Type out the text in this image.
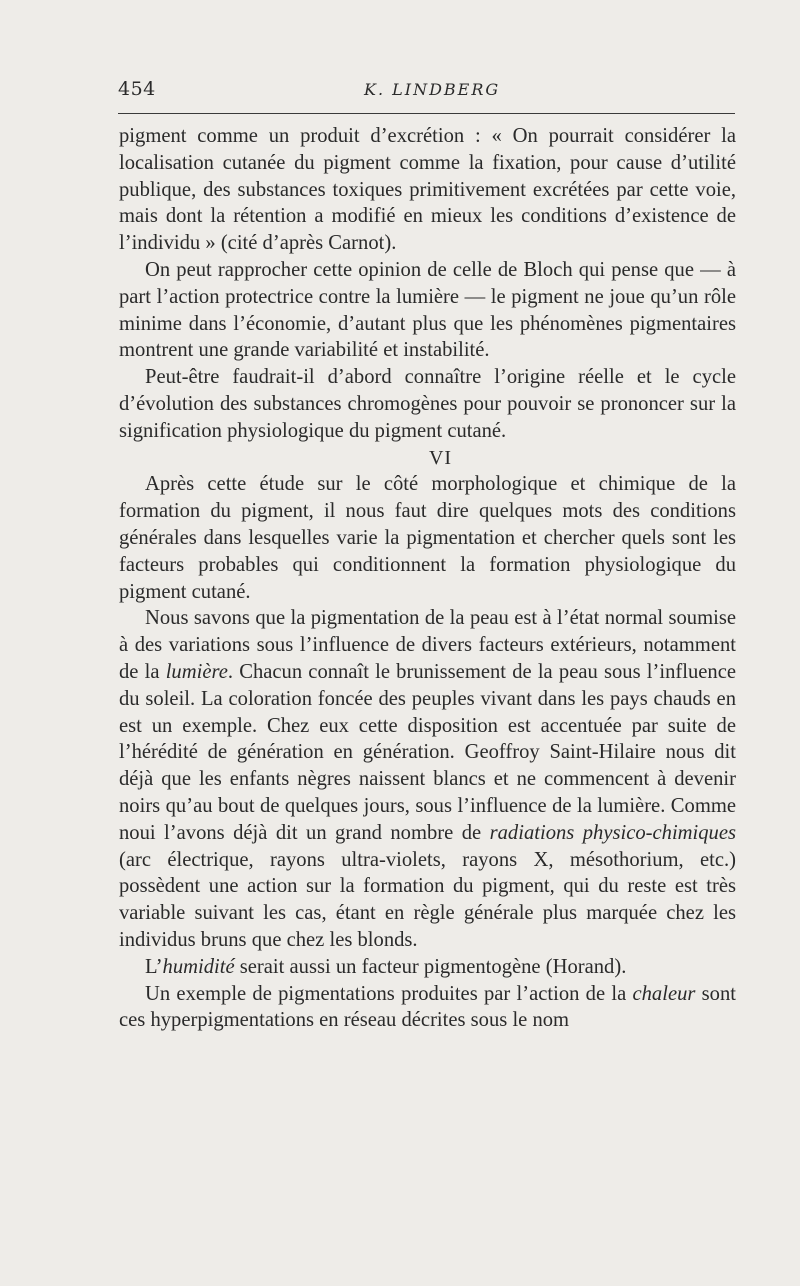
454	K. LINDBERG

pigment comme un produit d’excrétion : « On pourrait considérer la localisation cutanée du pigment comme la fixation, pour cause d’utilité publique, des substances toxiques primitivement excrétées par cette voie, mais dont la rétention a modifié en mieux les conditions d’existence de l’individu » (cité d’après Carnot).

On peut rapprocher cette opinion de celle de Bloch qui pense que — à part l’action protectrice contre la lumière — le pigment ne joue qu’un rôle minime dans l’économie, d’autant plus que les phénomènes pigmentaires montrent une grande variabilité et instabilité.

Peut-être faudrait-il d’abord connaître l’origine réelle et le cycle d’évolution des substances chromogènes pour pouvoir se prononcer sur la signification physiologique du pigment cutané.

VI

Après cette étude sur le côté morphologique et chimique de la formation du pigment, il nous faut dire quelques mots des conditions générales dans lesquelles varie la pigmentation et chercher quels sont les facteurs probables qui conditionnent la formation physiologique du pigment cutané.

Nous savons que la pigmentation de la peau est à l’état normal soumise à des variations sous l’influence de divers facteurs extérieurs, notamment de la lumière. Chacun connaît le brunissement de la peau sous l’influence du soleil. La coloration foncée des peuples vivant dans les pays chauds en est un exemple. Chez eux cette disposition est accentuée par suite de l’hérédité de génération en génération. Geoffroy Saint-Hilaire nous dit déjà que les enfants nègres naissent blancs et ne commencent à devenir noirs qu’au bout de quelques jours, sous l’influence de la lumière. Comme noui l’avons déjà dit un grand nombre de radiations physico-chimiques (arc électrique, rayons ultra-violets, rayons X, mésothorium, etc.) possèdent une action sur la formation du pigment, qui du reste est très variable suivant les cas, étant en règle générale plus marquée chez les individus bruns que chez les blonds.

L’humidité serait aussi un facteur pigmentogène (Horand).

Un exemple de pigmentations produites par l’action de la chaleur sont ces hyperpigmentations en réseau décrites sous le nom
